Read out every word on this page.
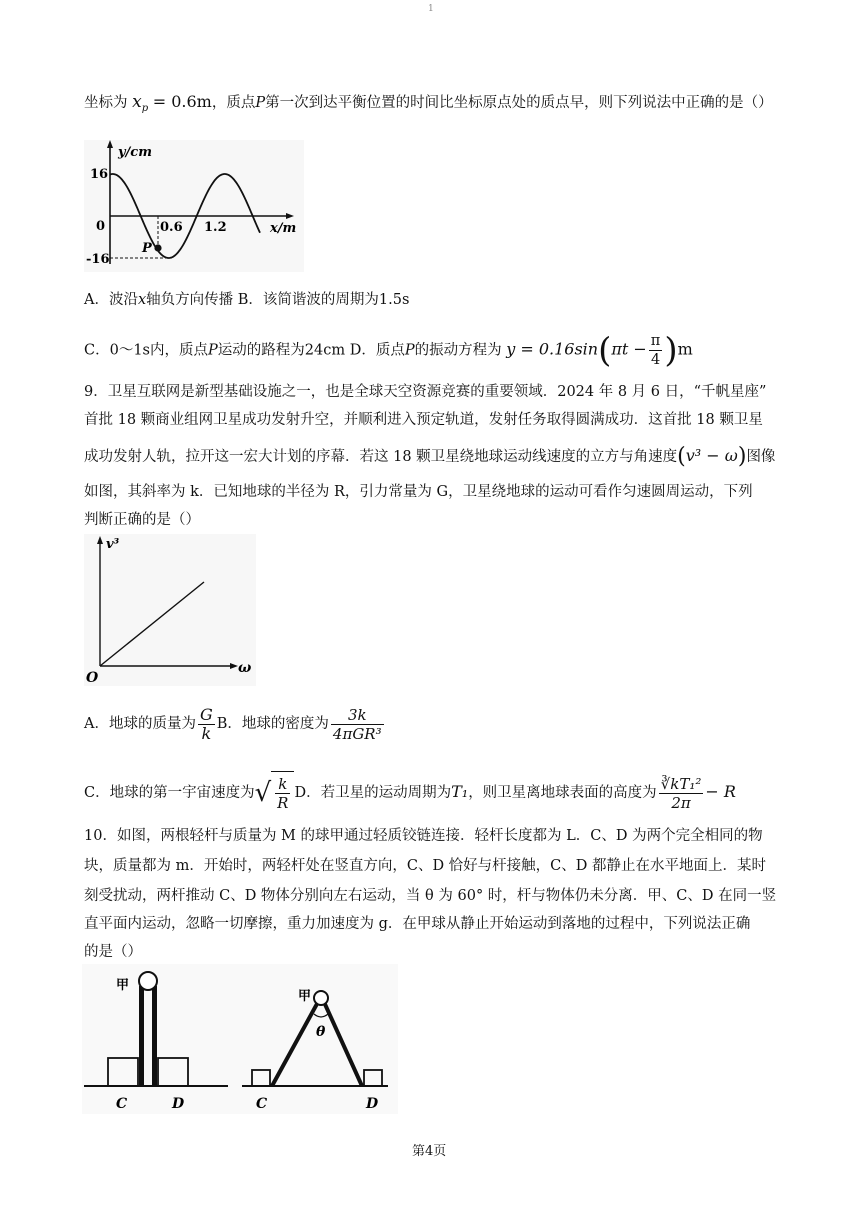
1
坐标为 $x_p = 0.6m$，质点P第一次到达平衡位置的时间比坐标原点处的质点早，则下列说法中正确的是（）
y/cm
x/m
16
0
-16
0.6 1.2
P
A．波沿x轴负方向传播 B．该简谐波的周期为1.5s
C．0～1s内，质点P运动的路程为24cm D．质点P的振动方程为 $y = 0.16\sin(\pi t - \frac{\pi}{4} )m$
9．卫星互联网是新型基础设施之一，也是全球天空资源竞赛的重要领域．2024 年 8 月 6 日，“千帆星座”
首批 18 颗商业组网卫星成功发射升空，并顺利进入预定轨道，发射任务取得圆满成功．这首批 18 颗卫星
成功发射人轨，拉开这一宏大计划的序幕．若这 18 颗卫星绕地球运动线速度的立方与角速度(v³ − ω)图像
如图，其斜率为 k．已知地球的半径为 R，引力常量为 G，卫星绕地球的运动可看作匀速圆周运动，下列
判断正确的是（）
v³
ω
O
A．地球的质量为 $\frac{G}{k}$ B．地球的密度为 $\frac{3k}{\text{4πGR³}}$
C．地球的第一宇宙速度为√ $\frac{k}{R}$ D．若卫星的运动周期为T₁，则卫星离地球表面的高度为 $\frac{\text{∛kT₁²}}{2\pi} - R$
10．如图，两根轻杆与质量为 M 的球甲通过轻质铰链连接．轻杆长度都为 L．C、D 为两个完全相同的物
块，质量都为 m．开始时，两轻杆处在竖直方向，C、D 恰好与杆接触，C、D 都静止在水平地面上．某时
刻受扰动，两杆推动 C、D 物体分别向左右运动，当 θ 为 60° 时，杆与物体仍未分离．甲、C、D 在同一竖
直平面内运动，忽略一切摩擦，重力加速度为 g．在甲球从静止开始运动到落地的过程中，下列说法正确
的是（）
甲
C	D
甲
θ
C	D
第4页
